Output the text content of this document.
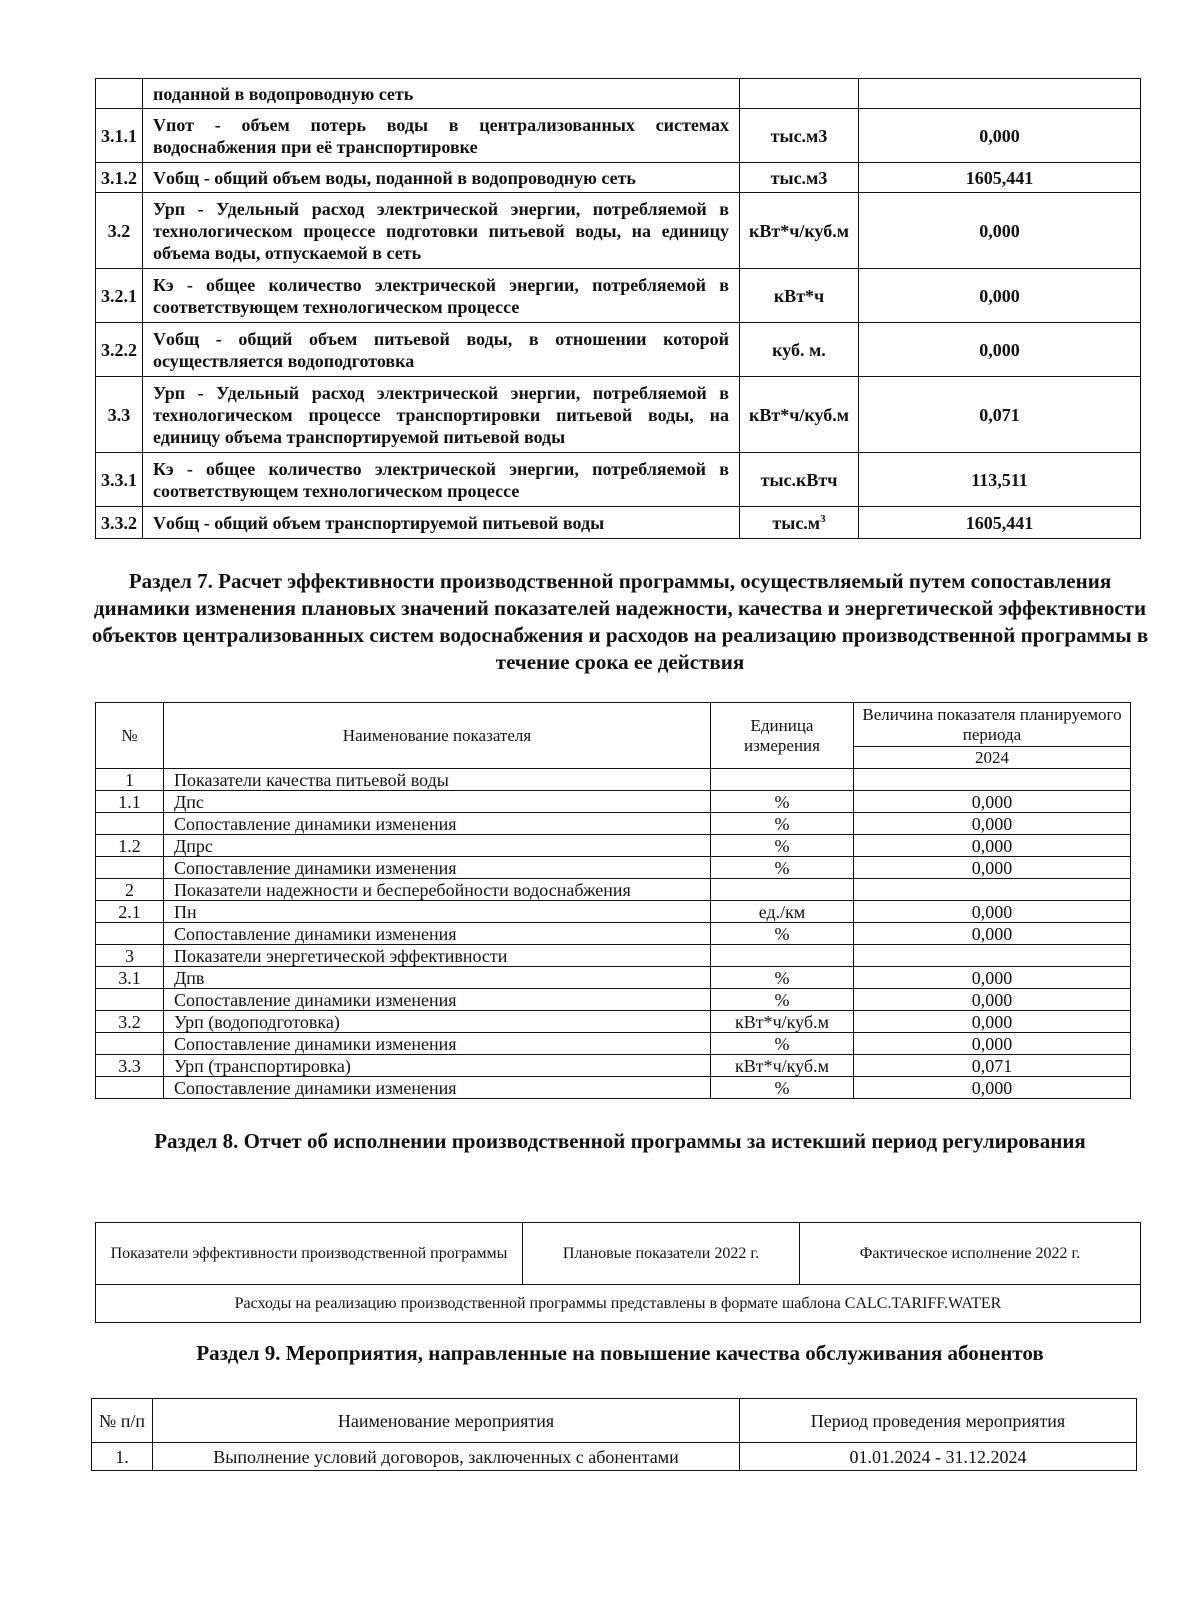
	поданной в водопроводную сеть		
3.1.1	Vпот - объем потерь воды в централизованных системах водоснабжения при её транспортировке	тыс.м3	0,000
3.1.2	Vобщ - общий объем воды, поданной в водопроводную сеть	тыс.м3	1605,441
3.2	Урп - Удельный расход электрической энергии, потребляемой в технологическом процессе подготовки питьевой воды, на единицу объема воды, отпускаемой в сеть	кВт*ч/куб.м	0,000
3.2.1	Кэ - общее количество электрической энергии, потребляемой в соответствующем технологическом процессе	кВт*ч	0,000
3.2.2	Vобщ - общий объем питьевой воды, в отношении которой осуществляется водоподготовка	куб. м.	0,000
3.3	Урп - Удельный расход электрической энергии, потребляемой в технологическом процессе транспортировки питьевой воды, на единицу объема транспортируемой питьевой воды	кВт*ч/куб.м	0,071
3.3.1	Кэ - общее количество электрической энергии, потребляемой в соответствующем технологическом процессе	тыс.кВтч	113,511
3.3.2	Vобщ - общий объем транспортируемой питьевой воды	$тыс.м^3$	1605,441
Раздел 7. Расчет эффективности производственной программы, осуществляемый путем сопоставления динамики изменения плановых значений показателей надежности, качества и энергетической эффективности объектов централизованных систем водоснабжения и расходов на реализацию производственной программы в течение срока ее действия
№	Наименование показателя	Единица измерения	Величина показателя планируемого периода
			2024
1	Показатели качества питьевой воды		
1.1	Дпс	%	0,000
	Сопоставление динамики изменения	%	0,000
1.2	Дпрс	%	0,000
	Сопоставление динамики изменения	%	0,000
2	Показатели надежности и бесперебойности водоснабжения		
2.1	Пн	ед./км	0,000
	Сопоставление динамики изменения	%	0,000
3	Показатели энергетической эффективности		
3.1	Дпв	%	0,000
	Сопоставление динамики изменения	%	0,000
3.2	Урп (водоподготовка)	кВт*ч/куб.м	0,000
	Сопоставление динамики изменения	%	0,000
3.3	Урп (транспортировка)	кВт*ч/куб.м	0,071
	Сопоставление динамики изменения	%	0,000
Раздел 8. Отчет об исполнении производственной программы за истекший период регулирования
Показатели эффективности производственной программы	Плановые показатели 2022 г.	Фактическое исполнение 2022 г.
Расходы на реализацию производственной программы представлены в формате шаблона CALC.TARIFF.WATER
Раздел 9. Мероприятия, направленные на повышение качества обслуживания абонентов
№ п/п	Наименование мероприятия	Период проведения мероприятия
1.	Выполнение условий договоров, заключенных с абонентами	01.01.2024 - 31.12.2024
